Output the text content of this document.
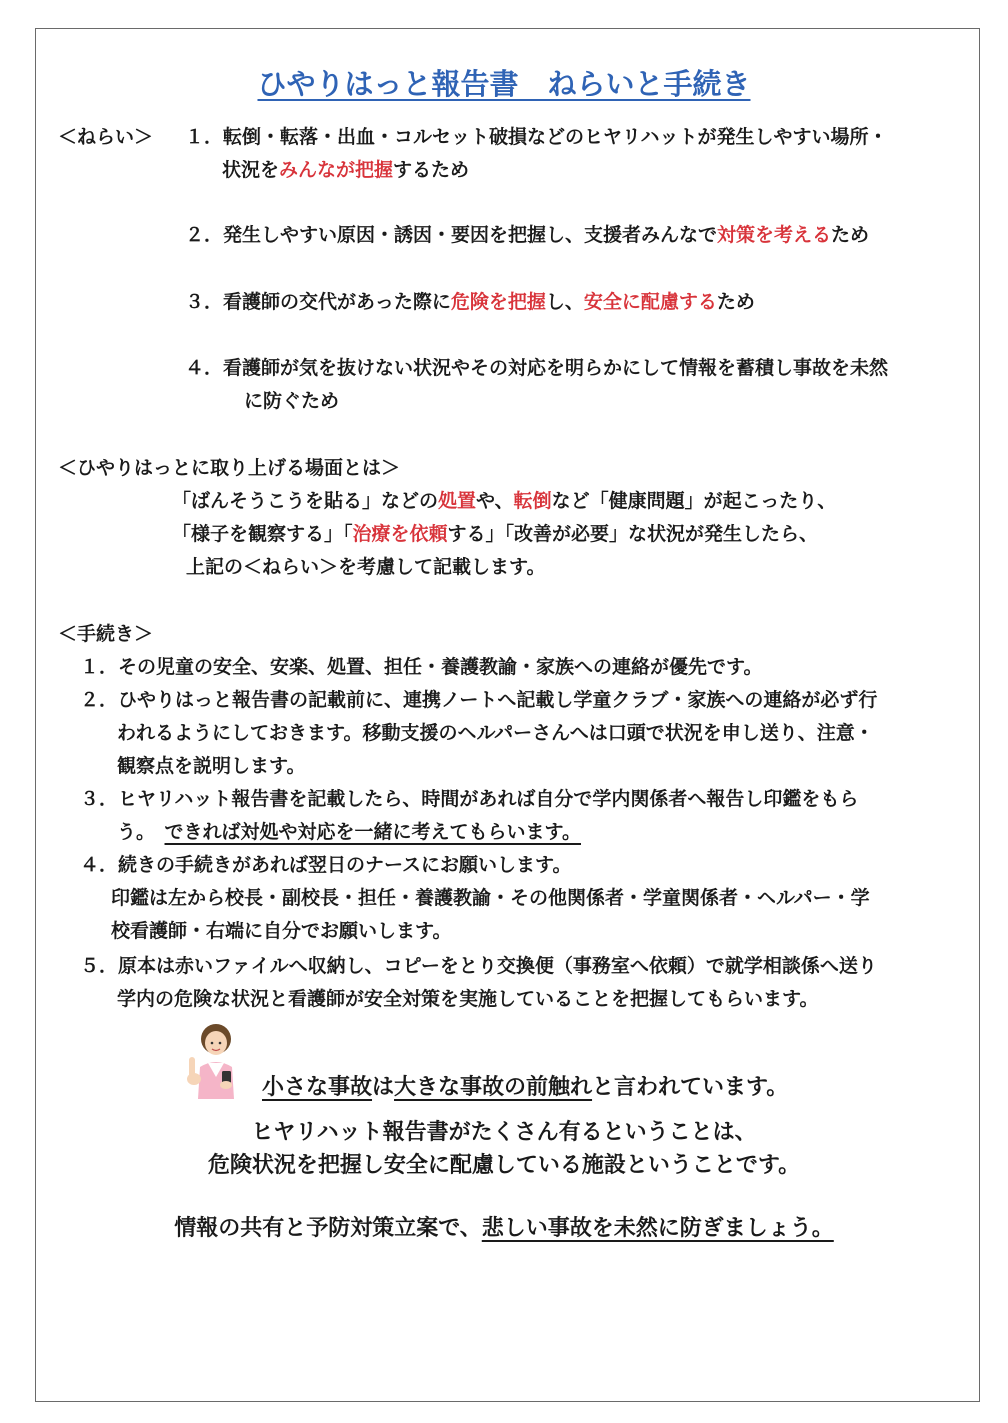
ひやりはっと報告書　ねらいと手続き
＜ねらい＞ １．転倒・転落・出血・コルセット破損などのヒヤリハットが発生しやすい場所・
状況をみんなが把握するため
２．発生しやすい原因・誘因・要因を把握し、支援者みんなで対策を考えるため
３．看護師の交代があった際に危険を把握し、安全に配慮するため
４．看護師が気を抜けない状況やその対応を明らかにして情報を蓄積し事故を未然
に防ぐため
＜ひやりはっとに取り上げる場面とは＞
「ばんそうこうを貼る」などの処置や、転倒など「健康問題」が起こったり、
「様子を観察する」「治療を依頼する」「改善が必要」な状況が発生したら、
上記の＜ねらい＞を考慮して記載します。
＜手続き＞
１．その児童の安全、安楽、処置、担任・養護教諭・家族への連絡が優先です。
２．ひやりはっと報告書の記載前に、連携ノートへ記載し学童クラブ・家族への連絡が必ず行
われるようにしておきます。移動支援のヘルパーさんへは口頭で状況を申し送り、注意・
観察点を説明します。
３．ヒヤリハット報告書を記載したら、時間があれば自分で学内関係者へ報告し印鑑をもら
う。　できれば対処や対応を一緒に考えてもらいます。
４．続きの手続きがあれば翌日のナースにお願いします。
印鑑は左から校長・副校長・担任・養護教諭・その他関係者・学童関係者・ヘルパー・学
校看護師・右端に自分でお願いします。
５．原本は赤いファイルへ収納し、コピーをとり交換便（事務室へ依頼）で就学相談係へ送り
学内の危険な状況と看護師が安全対策を実施していることを把握してもらいます。
小さな事故は大きな事故の前触れと言われています。
ヒヤリハット報告書がたくさん有るということは、
危険状況を把握し安全に配慮している施設ということです。
情報の共有と予防対策立案で、悲しい事故を未然に防ぎましょう。
